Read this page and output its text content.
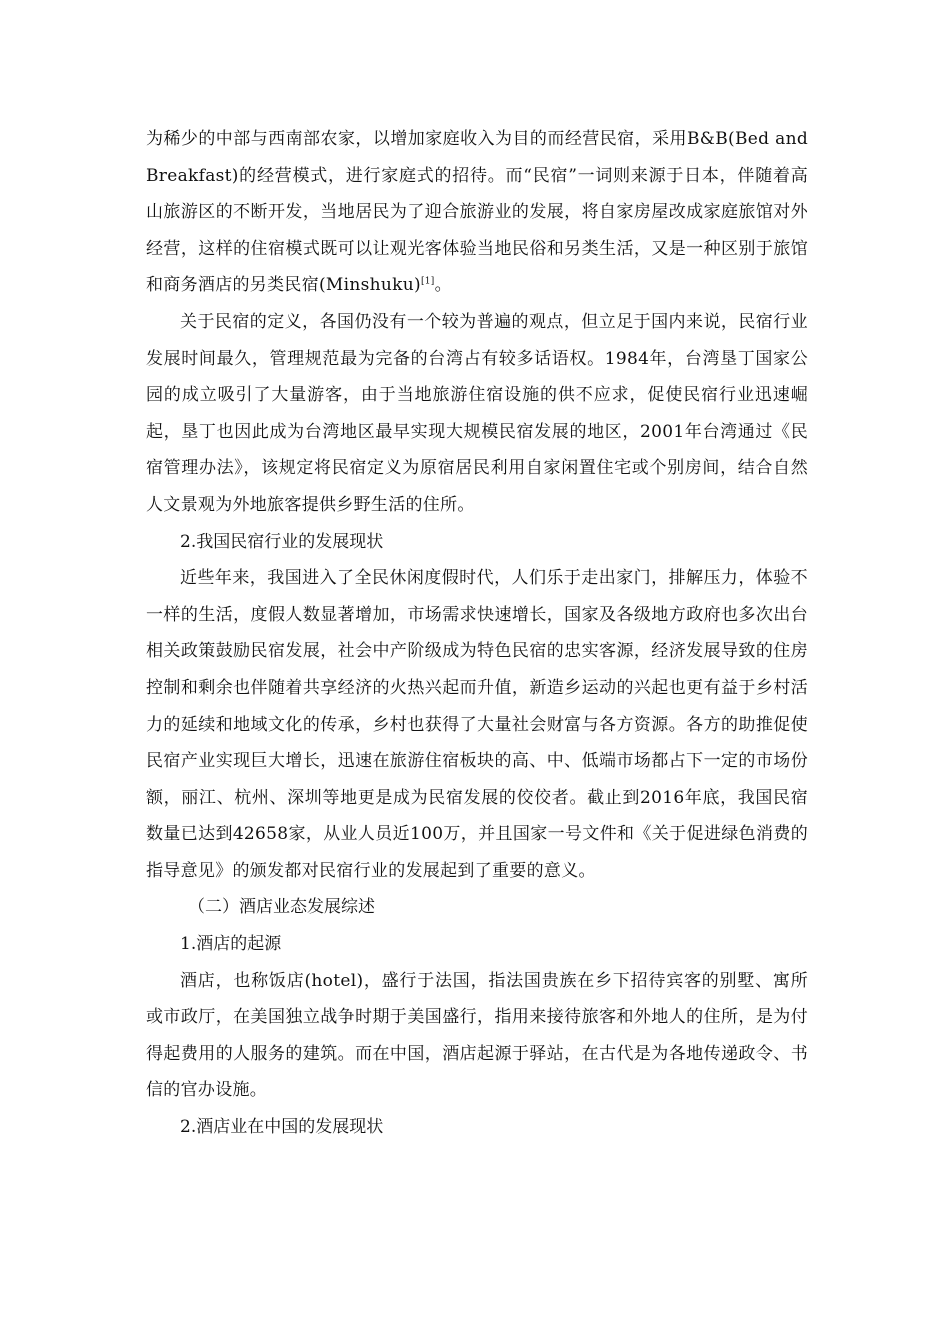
为稀少的中部与西南部农家，以增加家庭收入为目的而经营民宿，采用B&B(Bed and Breakfast)的经营模式，进行家庭式的招待。而“民宿”一词则来源于日本，伴随着高山旅游区的不断开发，当地居民为了迎合旅游业的发展，将自家房屋改成家庭旅馆对外经营，这样的住宿模式既可以让观光客体验当地民俗和另类生活，又是一种区别于旅馆和商务酒店的另类民宿(Minshuku)[1]。

关于民宿的定义，各国仍没有一个较为普遍的观点，但立足于国内来说，民宿行业发展时间最久，管理规范最为完备的台湾占有较多话语权。1984年，台湾垦丁国家公园的成立吸引了大量游客，由于当地旅游住宿设施的供不应求，促使民宿行业迅速崛起，垦丁也因此成为台湾地区最早实现大规模民宿发展的地区，2001年台湾通过《民宿管理办法》，该规定将民宿定义为原宿居民利用自家闲置住宅或个别房间，结合自然人文景观为外地旅客提供乡野生活的住所。

2.我国民宿行业的发展现状

近些年来，我国进入了全民休闲度假时代，人们乐于走出家门，排解压力，体验不一样的生活，度假人数显著增加，市场需求快速增长，国家及各级地方政府也多次出台相关政策鼓励民宿发展，社会中产阶级成为特色民宿的忠实客源，经济发展导致的住房控制和剩余也伴随着共享经济的火热兴起而升值，新造乡运动的兴起也更有益于乡村活力的延续和地域文化的传承，乡村也获得了大量社会财富与各方资源。各方的助推促使民宿产业实现巨大增长，迅速在旅游住宿板块的高、中、低端市场都占下一定的市场份额，丽江、杭州、深圳等地更是成为民宿发展的佼佼者。截止到2016年底，我国民宿数量已达到42658家，从业人员近100万，并且国家一号文件和《关于促进绿色消费的指导意见》的颁发都对民宿行业的发展起到了重要的意义。

（二）酒店业态发展综述

1.酒店的起源

酒店，也称饭店(hotel)，盛行于法国，指法国贵族在乡下招待宾客的别墅、寓所或市政厅，在美国独立战争时期于美国盛行，指用来接待旅客和外地人的住所，是为付得起费用的人服务的建筑。而在中国，酒店起源于驿站，在古代是为各地传递政令、书信的官办设施。

2.酒店业在中国的发展现状
